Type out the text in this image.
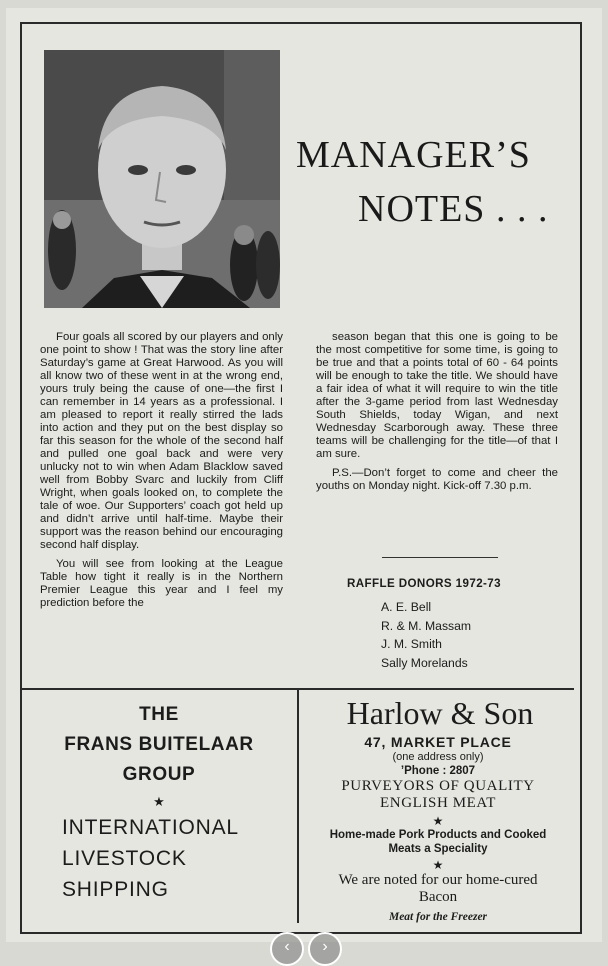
MANAGER’S
NOTES . . .

Four goals all scored by our players and only one point to show ! That was the story line after Saturday’s game at Great Harwood. As you will all know two of these went in at the wrong end, yours truly being the cause of one—the first I can remember in 14 years as a professional. I am pleased to report it really stirred the lads into action and they put on the best display so far this season for the whole of the second half and pulled one goal back and were very unlucky not to win when Adam Blacklow saved well from Bobby Svarc and luckily from Cliff Wright, when goals looked on, to complete the tale of woe. Our Supporters’ coach got held up and didn’t arrive until half-time. Maybe their support was the reason behind our encouraging second half display.

You will see from looking at the League Table how tight it really is in the Northern Premier League this year and I feel my prediction before the

season began that this one is going to be the most competitive for some time, is going to be true and that a points total of 60 - 64 points will be enough to take the title. We should have a fair idea of what it will require to win the title after the 3-game period from last Wednesday South Shields, today Wigan, and next Wednesday Scarborough away. These three teams will be challenging for the title—of that I am sure.

P.S.—Don’t forget to come and cheer the youths on Monday night. Kick-off 7.30 p.m.

RAFFLE DONORS 1972-73
A. E. Bell
R. & M. Massam
J. M. Smith
Sally Morelands
THE
FRANS BUITELAAR
GROUP
★
INTERNATIONAL
LIVESTOCK
SHIPPING
Harlow & Son
47, MARKET PLACE
(one address only)
’Phone : 2807
PURVEYORS OF QUALITY
ENGLISH MEAT
★
Home-made Pork Products and Cooked
Meats a Speciality
★
We are noted for our home-cured
Bacon
Meat for the Freezer
‹	›
